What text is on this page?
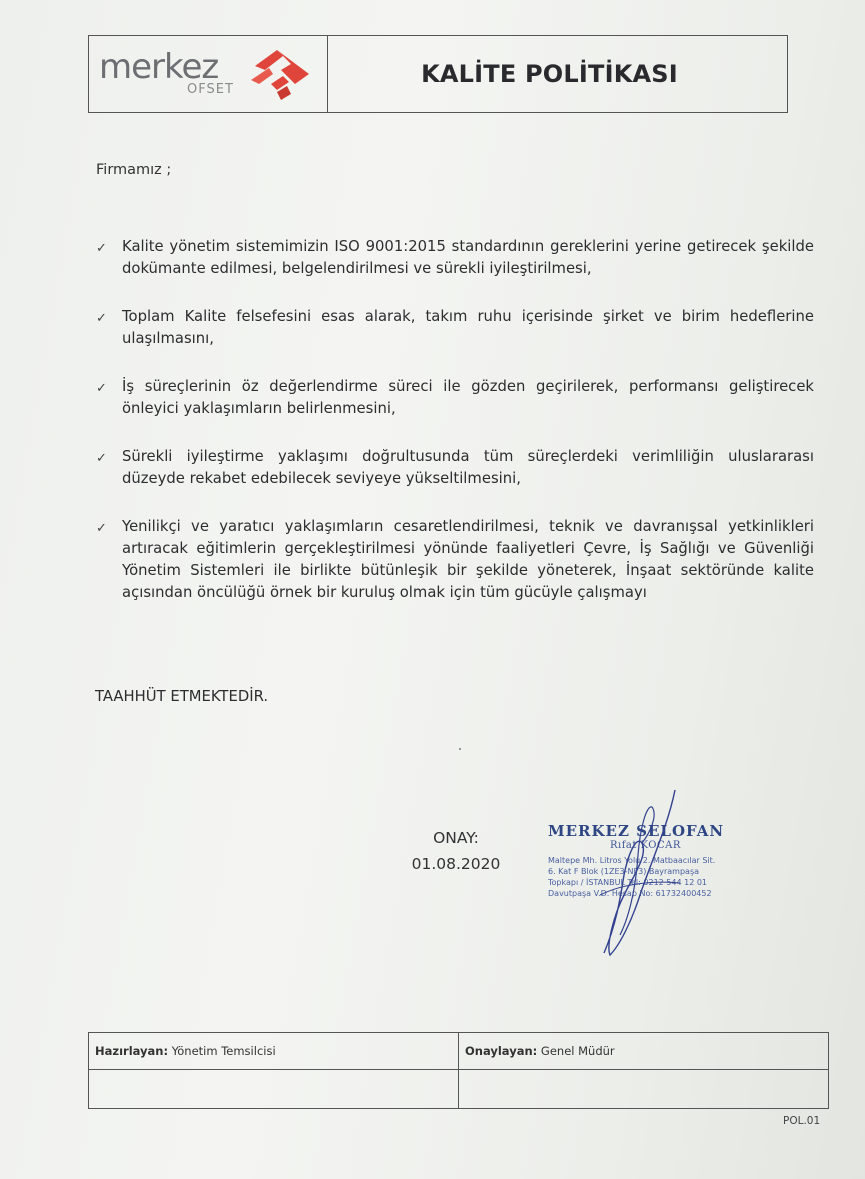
merkez
OFSET
KALİTE POLİTİKASI
Firmamız ;
✓ Kalite yönetim sistemimizin ISO 9001:2015 standardının gereklerini yerine getirecek şekilde dokümante edilmesi, belgelendirilmesi ve sürekli iyileştirilmesi,
✓ Toplam Kalite felsefesini esas alarak, takım ruhu içerisinde şirket ve birim hedeflerine ulaşılmasını,
✓ İş süreçlerinin öz değerlendirme süreci ile gözden geçirilerek, performansı geliştirecek önleyici yaklaşımların belirlenmesini,
✓ Sürekli iyileştirme yaklaşımı doğrultusunda tüm süreçlerdeki verimliliğin uluslararası düzeyde rekabet edebilecek seviyeye yükseltilmesini,
✓ Yenilikçi ve yaratıcı yaklaşımların cesaretlendirilmesi, teknik ve davranışsal yetkinlikleri artıracak eğitimlerin gerçekleştirilmesi yönünde faaliyetleri Çevre, İş Sağlığı ve Güvenliği Yönetim Sistemleri ile birlikte bütünleşik bir şekilde yöneterek, İnşaat sektöründe kalite açısından öncülüğü örnek bir kuruluş olmak için tüm gücüyle çalışmayı
TAAHHÜT ETMEKTEDİR.
ONAY:
01.08.2020
MERKEZ SELOFAN
Rıfat KOCAR
Maltepe Mh. Litros Yolu 2. Matbaacılar Sit.
6. Kat F Blok (1ZE3-NF3) Bayrampaşa
Topkapı / İSTANBUL Tel: 0212 544 12 01
Davutpaşa V.D. Hesap No: 61732400452
Hazırlayan: Yönetim Temsilcisi	Onaylayan: Genel Müdür

POL.01
